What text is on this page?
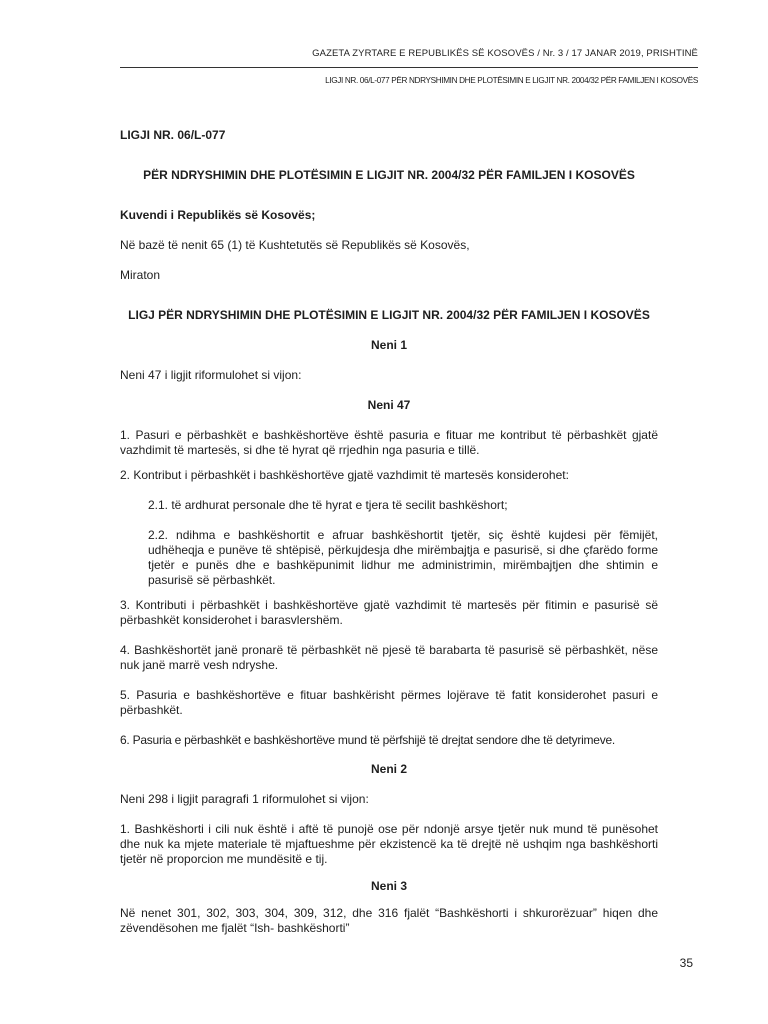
GAZETA ZYRTARE E REPUBLIKËS SË KOSOVËS / Nr. 3 / 17 JANAR 2019, PRISHTINË
LIGJI NR. 06/L-077 PËR NDRYSHIMIN DHE PLOTËSIMIN E LIGJIT NR. 2004/32 PËR FAMILJEN I KOSOVËS

LIGJI NR. 06/L-077

PËR NDRYSHIMIN DHE PLOTËSIMIN E LIGJIT NR. 2004/32 PËR FAMILJEN I KOSOVËS

Kuvendi i Republikës së Kosovës;

Në bazë të nenit 65 (1) të Kushtetutës së Republikës së Kosovës,

Miraton

LIGJ PËR NDRYSHIMIN DHE PLOTËSIMIN E LIGJIT NR. 2004/32 PËR FAMILJEN I KOSOVËS

Neni 1

Neni 47 i ligjit riformulohet si vijon:

Neni 47

1. Pasuri e përbashkët e bashkëshortëve është pasuria e fituar me kontribut të përbashkët gjatë vazhdimit të martesës, si dhe të hyrat që rrjedhin nga pasuria e tillë.

2. Kontribut i përbashkët i bashkëshortëve gjatë vazhdimit të martesës konsiderohet:

2.1. të ardhurat personale dhe të hyrat e tjera të secilit bashkëshort;

2.2. ndihma e bashkëshortit e afruar bashkëshortit tjetër, siç është kujdesi për fëmijët, udhëheqja e punëve të shtëpisë, përkujdesja dhe mirëmbajtja e pasurisë, si dhe çfarëdo forme tjetër e punës dhe e bashkëpunimit lidhur me administrimin, mirëmbajtjen dhe shtimin e pasurisë së përbashkët.

3. Kontributi i përbashkët i bashkëshortëve gjatë vazhdimit të martesës për fitimin e pasurisë së përbashkët konsiderohet i barasvlershëm.

4. Bashkëshortët janë pronarë të përbashkët në pjesë të barabarta të pasurisë së përbashkët, nëse nuk janë marrë vesh ndryshe.

5. Pasuria e bashkëshortëve e fituar bashkërisht përmes lojërave të fatit konsiderohet pasuri e përbashkët.

6. Pasuria e përbashkët e bashkëshortëve mund të përfshijë të drejtat sendore dhe të detyrimeve.

Neni 2

Neni 298 i ligjit paragrafi 1 riformulohet si vijon:

1. Bashkëshorti i cili nuk është i aftë të punojë ose për ndonjë arsye tjetër nuk mund të punësohet dhe nuk ka mjete materiale të mjaftueshme për ekzistencë ka të drejtë në ushqim nga bashkëshorti tjetër në proporcion me mundësitë e tij.

Neni 3

Në nenet 301, 302, 303, 304, 309, 312, dhe 316 fjalët “Bashkëshorti i shkurorëzuar” hiqen dhe zëvendësohen me fjalët “Ish- bashkëshorti”

35
